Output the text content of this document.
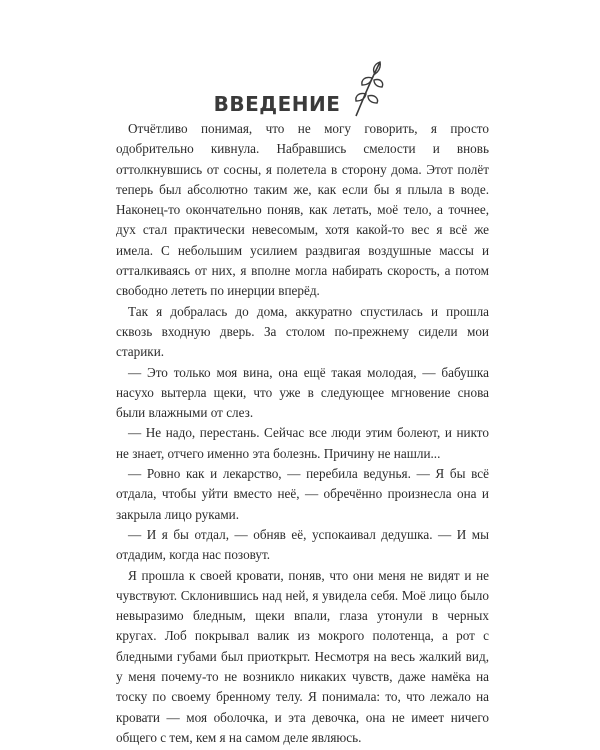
ВВЕДЕНИЕ

Отчётливо понимая, что не могу говорить, я просто одобрительно кивнула. Набравшись смелости и вновь оттолкнувшись от сосны, я полетела в сторону дома. Этот полёт теперь был абсолютно таким же, как если бы я плыла в воде. Наконец-то окончательно поняв, как летать, моё тело, а точнее, дух стал практически невесомым, хотя какой-то вес я всё же имела. С небольшим усилием раздвигая воздушные массы и отталкиваясь от них, я вполне могла набирать скорость, а потом свободно лететь по инерции вперёд.

Так я добралась до дома, аккуратно спустилась и прошла сквозь входную дверь. За столом по-прежнему сидели мои старики.

— Это только моя вина, она ещё такая молодая, — бабушка насухо вытерла щеки, что уже в следующее мгновение снова были влажными от слез.

— Не надо, перестань. Сейчас все люди этим болеют, и никто не знает, отчего именно эта болезнь. Причину не нашли...

— Ровно как и лекарство, — перебила ведунья. — Я бы всё отдала, чтобы уйти вместо неё, — обречённо произнесла она и закрыла лицо руками.

— И я бы отдал, — обняв её, успокаивал дедушка. — И мы отдадим, когда нас позовут.

Я прошла к своей кровати, поняв, что они меня не видят и не чувствуют. Склонившись над ней, я увидела себя. Моё лицо было невыразимо бледным, щеки впали, глаза утонули в черных кругах. Лоб покрывал валик из мокрого полотенца, а рот с бледными губами был приоткрыт. Несмотря на весь жалкий вид, у меня почему-то не возникло никаких чувств, даже намёка на тоску по своему бренному телу. Я понимала: то, что лежало на кровати — моя оболочка, и эта девочка, она не имеет ничего общего с тем, кем я на самом деле являюсь.
